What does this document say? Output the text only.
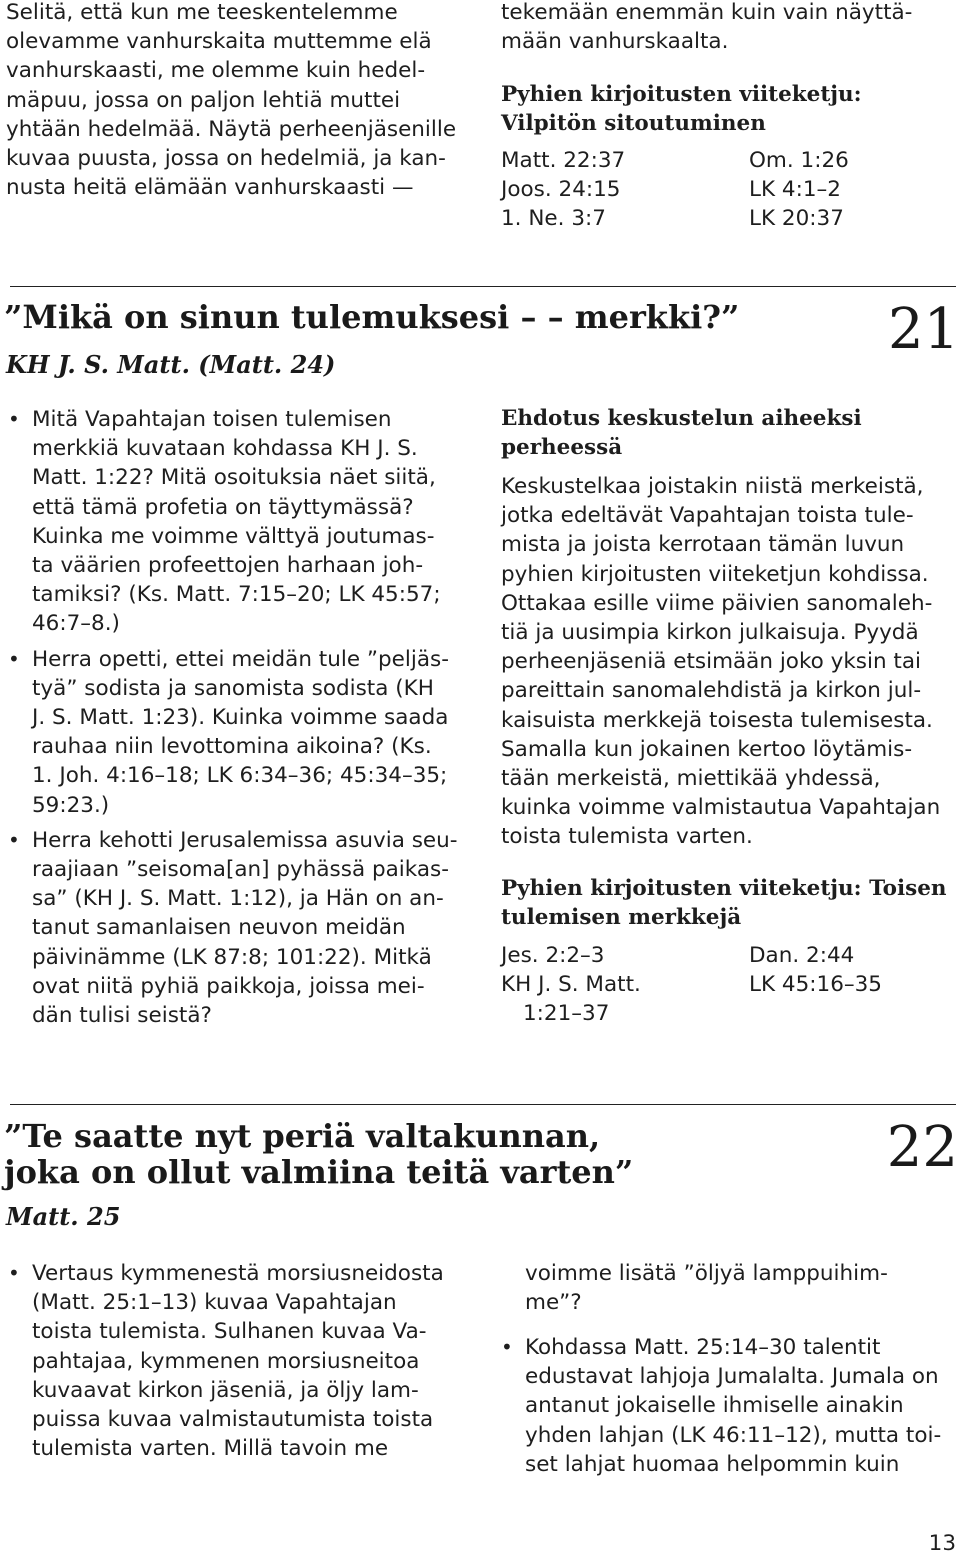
Selitä, että kun me teeskentelemme
olevamme vanhurskaita muttemme elä
vanhurskaasti, me olemme kuin hedel-
mäpuu, jossa on paljon lehtiä muttei
yhtään hedelmää. Näytä perheenjäsenille
kuvaa puusta, jossa on hedelmiä, ja kan-
nusta heitä elämään vanhurskaasti —
tekemään enemmän kuin vain näyttä-
mään vanhurskaalta.
Pyhien kirjoitusten viiteketju:
Vilpitön sitoutuminen
Matt. 22:37	Om. 1:26
Joos. 24:15	LK 4:1–2
1. Ne. 3:7	LK 20:37
”Mikä on sinun tulemuksesi – – merkki?”	21
KH J. S. Matt. (Matt. 24)
• Mitä Vapahtajan toisen tulemisen
merkkiä kuvataan kohdassa KH J. S.
Matt. 1:22? Mitä osoituksia näet siitä,
että tämä profetia on täyttymässä?
Kuinka me voimme välttyä joutumas-
ta väärien profeettojen harhaan joh-
tamiksi? (Ks. Matt. 7:15–20; LK 45:57;
46:7–8.)
• Herra opetti, ettei meidän tule ”peljäs-
tyä” sodista ja sanomista sodista (KH
J. S. Matt. 1:23). Kuinka voimme saada
rauhaa niin levottomina aikoina? (Ks.
1. Joh. 4:16–18; LK 6:34–36; 45:34–35;
59:23.)
• Herra kehotti Jerusalemissa asuvia seu-
raajiaan ”seisoma[an] pyhässä paikas-
sa” (KH J. S. Matt. 1:12), ja Hän on an-
tanut samanlaisen neuvon meidän
päivinämme (LK 87:8; 101:22). Mitkä
ovat niitä pyhiä paikkoja, joissa mei-
dän tulisi seistä?
Ehdotus keskustelun aiheeksi
perheessä
Keskustelkaa joistakin niistä merkeistä,
jotka edeltävät Vapahtajan toista tule-
mista ja joista kerrotaan tämän luvun
pyhien kirjoitusten viiteketjun kohdissa.
Ottakaa esille viime päivien sanomaleh-
tiä ja uusimpia kirkon julkaisuja. Pyydä
perheenjäseniä etsimään joko yksin tai
pareittain sanomalehdistä ja kirkon jul-
kaisuista merkkejä toisesta tulemisesta.
Samalla kun jokainen kertoo löytämis-
tään merkeistä, miettikää yhdessä,
kuinka voimme valmistautua Vapahtajan
toista tulemista varten.
Pyhien kirjoitusten viiteketju: Toisen
tulemisen merkkejä
Jes. 2:2–3	Dan. 2:44
KH J. S. Matt.	LK 45:16–35
1:21–37
”Te saatte nyt periä valtakunnan,
joka on ollut valmiina teitä varten”	22
Matt. 25
• Vertaus kymmenestä morsiusneidosta
(Matt. 25:1–13) kuvaa Vapahtajan
toista tulemista. Sulhanen kuvaa Va-
pahtajaa, kymmenen morsiusneitoa
kuvaavat kirkon jäseniä, ja öljy lam-
puissa kuvaa valmistautumista toista
tulemista varten. Millä tavoin me
voimme lisätä ”öljyä lamppuihim-
me”?
• Kohdassa Matt. 25:14–30 talentit
edustavat lahjoja Jumalalta. Jumala on
antanut jokaiselle ihmiselle ainakin
yhden lahjan (LK 46:11–12), mutta toi-
set lahjat huomaa helpommin kuin
13
